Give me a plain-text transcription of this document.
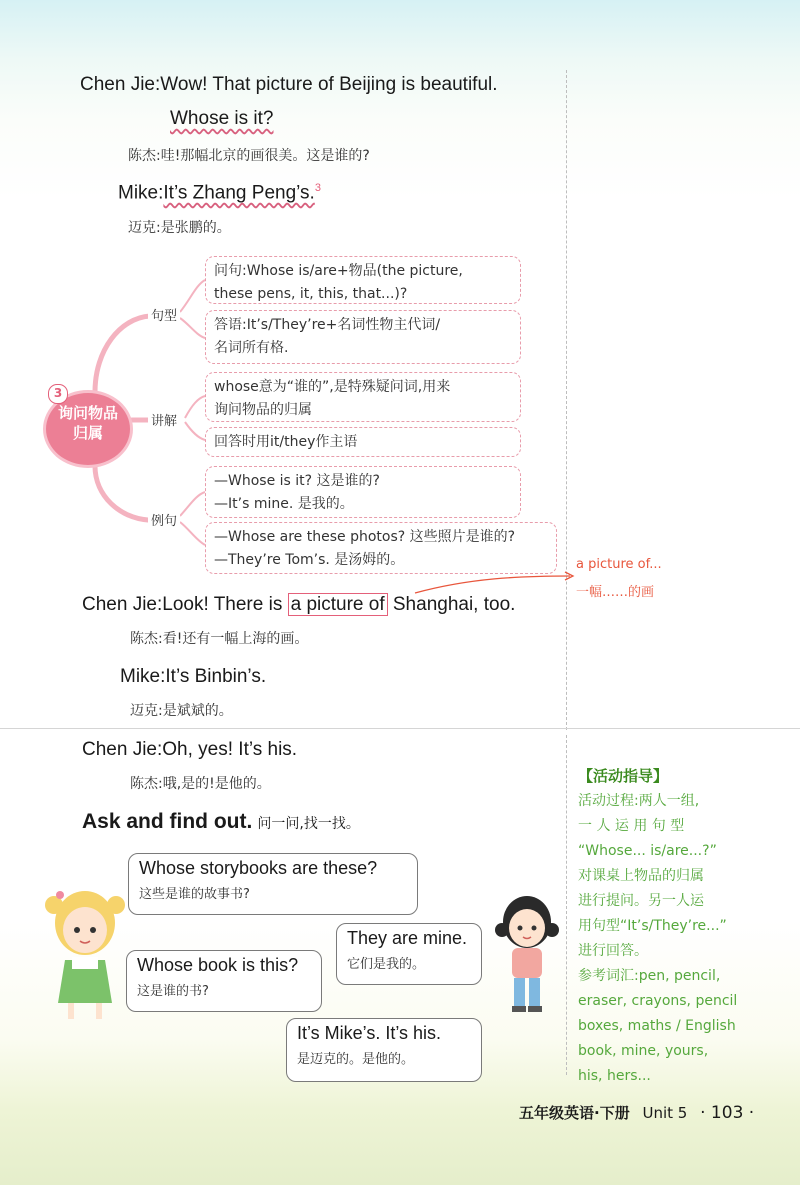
Chen Jie:Wow! That picture of Beijing is beautiful.
Whose is it?
陈杰:哇!那幅北京的画很美。这是谁的?
Mike:It’s Zhang Peng’s.$^3$
迈克:是张鹏的。
询问物品
归属
3
句型
讲解
例句
问句:Whose is/are+物品(the picture,
these pens, it, this, that...)?
答语:It’s/They’re+名词性物主代词/
名词所有格.
whose意为“谁的”,是特殊疑问词,用来
询问物品的归属
回答时用it/they作主语
—Whose is it? 这是谁的?
—It’s mine. 是我的。
—Whose are these photos? 这些照片是谁的?
—They’re Tom’s. 是汤姆的。	a picture of...
一幅……的画
Chen Jie:Look! There is a picture of Shanghai, too.
陈杰:看!还有一幅上海的画。
Mike:It’s Binbin’s.
迈克:是斌斌的。
Chen Jie:Oh, yes! It’s his.
陈杰:哦,是的!是他的。
Ask and find out. 问一问,找一找。
Whose storybooks are these?
这些是谁的故事书?
They are mine.
它们是我的。
Whose book is this?
这是谁的书?
It’s Mike’s. It’s his.
是迈克的。是他的。
【活动指导】
活动过程:两人一组,
一 人 运 用 句 型
“Whose... is/are...?”
对课桌上物品的归属
进行提问。另一人运
用句型“It’s/They’re...”
进行回答。
参考词汇:pen, pencil,
eraser, crayons, pencil
boxes, maths / English
book, mine, yours,
his, hers...
五年级英语·下册 Unit 5 · 103 ·
